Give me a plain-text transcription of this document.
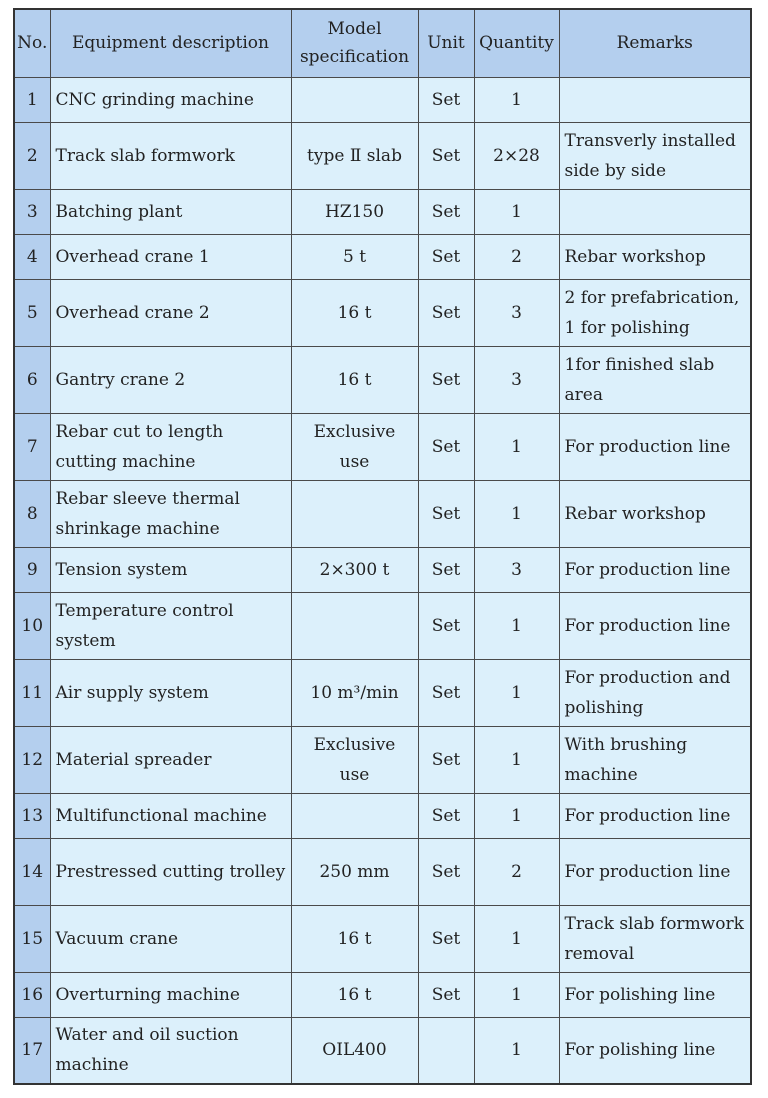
No.	Equipment description	Model specification	Unit	Quantity	Remarks
1	CNC grinding machine		Set	1	
2	Track slab formwork	type Ⅱ slab	Set	2×28	Transverly installed side by side
3	Batching plant	HZ150	Set	1	
4	Overhead crane 1	5 t	Set	2	Rebar workshop
5	Overhead crane 2	16 t	Set	3	2 for prefabrication, 1 for polishing
6	Gantry crane 2	16 t	Set	3	1for finished slab area
7	Rebar cut to length cutting machine	Exclusive use	Set	1	For production line
8	Rebar sleeve thermal shrinkage machine		Set	1	Rebar workshop
9	Tension system	2×300 t	Set	3	For production line
10	Temperature control system		Set	1	For production line
11	Air supply system	10 m³/min	Set	1	For production and polishing
12	Material spreader	Exclusive use	Set	1	With brushing machine
13	Multifunctional machine		Set	1	For production line
14	Prestressed cutting trolley	250 mm	Set	2	For production line
15	Vacuum crane	16 t	Set	1	Track slab formwork removal
16	Overturning machine	16 t	Set	1	For polishing line
17	Water and oil suction machine	OIL400		1	For polishing line
